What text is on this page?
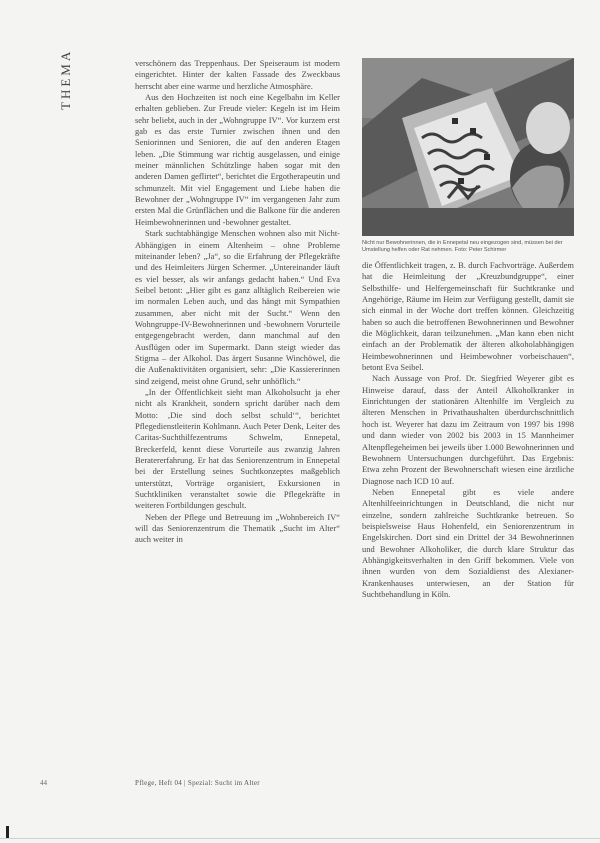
THEMA	verschönern das Treppenhaus. Der Speiseraum ist modern eingerichtet. Hinter der kalten Fassade des Zweckbaus herrscht aber eine warme und herzliche Atmosphäre.

Aus den Hochzeiten ist noch eine Kegelbahn im Keller erhalten geblieben. Zur Freude vieler: Kegeln ist im Heim sehr beliebt, auch in der „Wohngruppe IV“. Vor kurzem erst gab es das erste Turnier zwischen ihnen und den Seniorinnen und Senioren, die auf den anderen Etagen leben. „Die Stimmung war richtig ausgelassen, und einige meiner männlichen Schützlinge haben sogar mit den anderen Damen geflirtet“, berichtet die Ergotherapeutin und schmunzelt. Mit viel Engagement und Liebe haben die Bewohner der „Wohngruppe IV“ im vergangenen Jahr zum ersten Mal die Grünflächen und die Balkone für die anderen Heimbewohnerinnen und -bewohner gestaltet.

Stark suchtabhängige Menschen wohnen also mit Nicht-Abhängigen in einem Altenheim – ohne Probleme miteinander leben? „Ja“, so die Erfahrung der Pflegekräfte und des Heimleiters Jürgen Schermer. „Untereinander läuft es viel besser, als wir anfangs gedacht haben.“ Und Eva Seibel betont: „Hier gibt es ganz alltäglich Reibereien wie im normalen Leben auch, und das hängt mit Sympathien zusammen, aber nicht mit der Sucht.“ Wenn den Wohngruppe-IV-Bewohnerinnen und -bewohnern Vorurteile entgegengebracht werden, dann manchmal auf den Ausflügen oder im Supermarkt. Dann steigt wieder das Stigma – der Alkohol. Das ärgert Susanne Winchöwel, die die Außenaktivitäten organisiert, sehr: „Die Kassiererinnen sind zeigend, meist ohne Grund, sehr unhöflich.“

„In der Öffentlichkeit sieht man Alkoholsucht ja eher nicht als Krankheit, sondern spricht darüber nach dem Motto: ‚Die sind doch selbst schuld‘“, berichtet Pflegedienstleiterin Kohlmann. Auch Peter Denk, Leiter des Caritas-Suchthilfezentrums Schwelm, Ennepetal, Breckerfeld, kennt diese Vorurteile aus zwanzig Jahren Beratererfahrung. Er hat das Seniorenzentrum in Ennepetal bei der Erstellung seines Suchtkonzeptes maßgeblich unterstützt, Vorträge organisiert, Exkursionen in Suchtkliniken veranstaltet sowie die Pflegekräfte in weiteren Fortbildungen geschult.

Neben der Pflege und Betreuung im „Wohnbereich IV“ will das Seniorenzentrum die Thematik „Sucht im Alter“ auch weiter in

Nicht nur Bewohnerinnen, die in Ennepetal neu eingezogen sind, müssen bei der Umstellung helfen oder Rat nehmen. Foto: Peter Schirmer

die Öffentlichkeit tragen, z. B. durch Fachvorträge. Außerdem hat die Heimleitung der „Kreuzbundgruppe“, einer Selbsthilfe- und Helfergemeinschaft für Suchtkranke und Angehörige, Räume im Heim zur Verfügung gestellt, damit sie sich einmal in der Woche dort treffen können. Gleichzeitig haben so auch die betroffenen Bewohnerinnen und Bewohner die Möglichkeit, daran teilzunehmen. „Man kann eben nicht einfach an der Problematik der älteren alkoholabhängigen Heimbewohnerinnen und Heimbewohner vorbeischauen“, betont Eva Seibel.

Nach Aussage von Prof. Dr. Siegfried Weyerer gibt es Hinweise darauf, dass der Anteil Alkoholkranker in Einrichtungen der stationären Altenhilfe im Vergleich zu älteren Menschen in Privathaushalten überdurchschnittlich hoch ist. Weyerer hat dazu im Zeitraum von 1997 bis 1998 und dann wieder von 2002 bis 2003 in 15 Mannheimer Altenpflegeheimen bei jeweils über 1.000 Bewohnerinnen und Bewohnern Untersuchungen durchgeführt. Das Ergebnis: Etwa zehn Prozent der Bewohnerschaft wiesen eine ärztliche Diagnose nach ICD 10 auf.

Neben Ennepetal gibt es viele andere Altenhilfeeinrichtungen in Deutschland, die nicht nur einzelne, sondern zahlreiche Suchtkranke betreuen. So beispielsweise Haus Hohenfeld, ein Seniorenzentrum in Engelskirchen. Dort sind ein Drittel der 34 Bewohnerinnen und Bewohner Alkoholiker, die durch klare Struktur das Abhängigkeitsverhalten in den Griff bekommen. Viele von ihnen wurden von dem Sozialdienst des Alexianer-Krankenhauses unterwiesen, an der Station für Suchtbehandlung in Köln.

44	Pflege, Heft 04 | Spezial: Sucht im Alter
